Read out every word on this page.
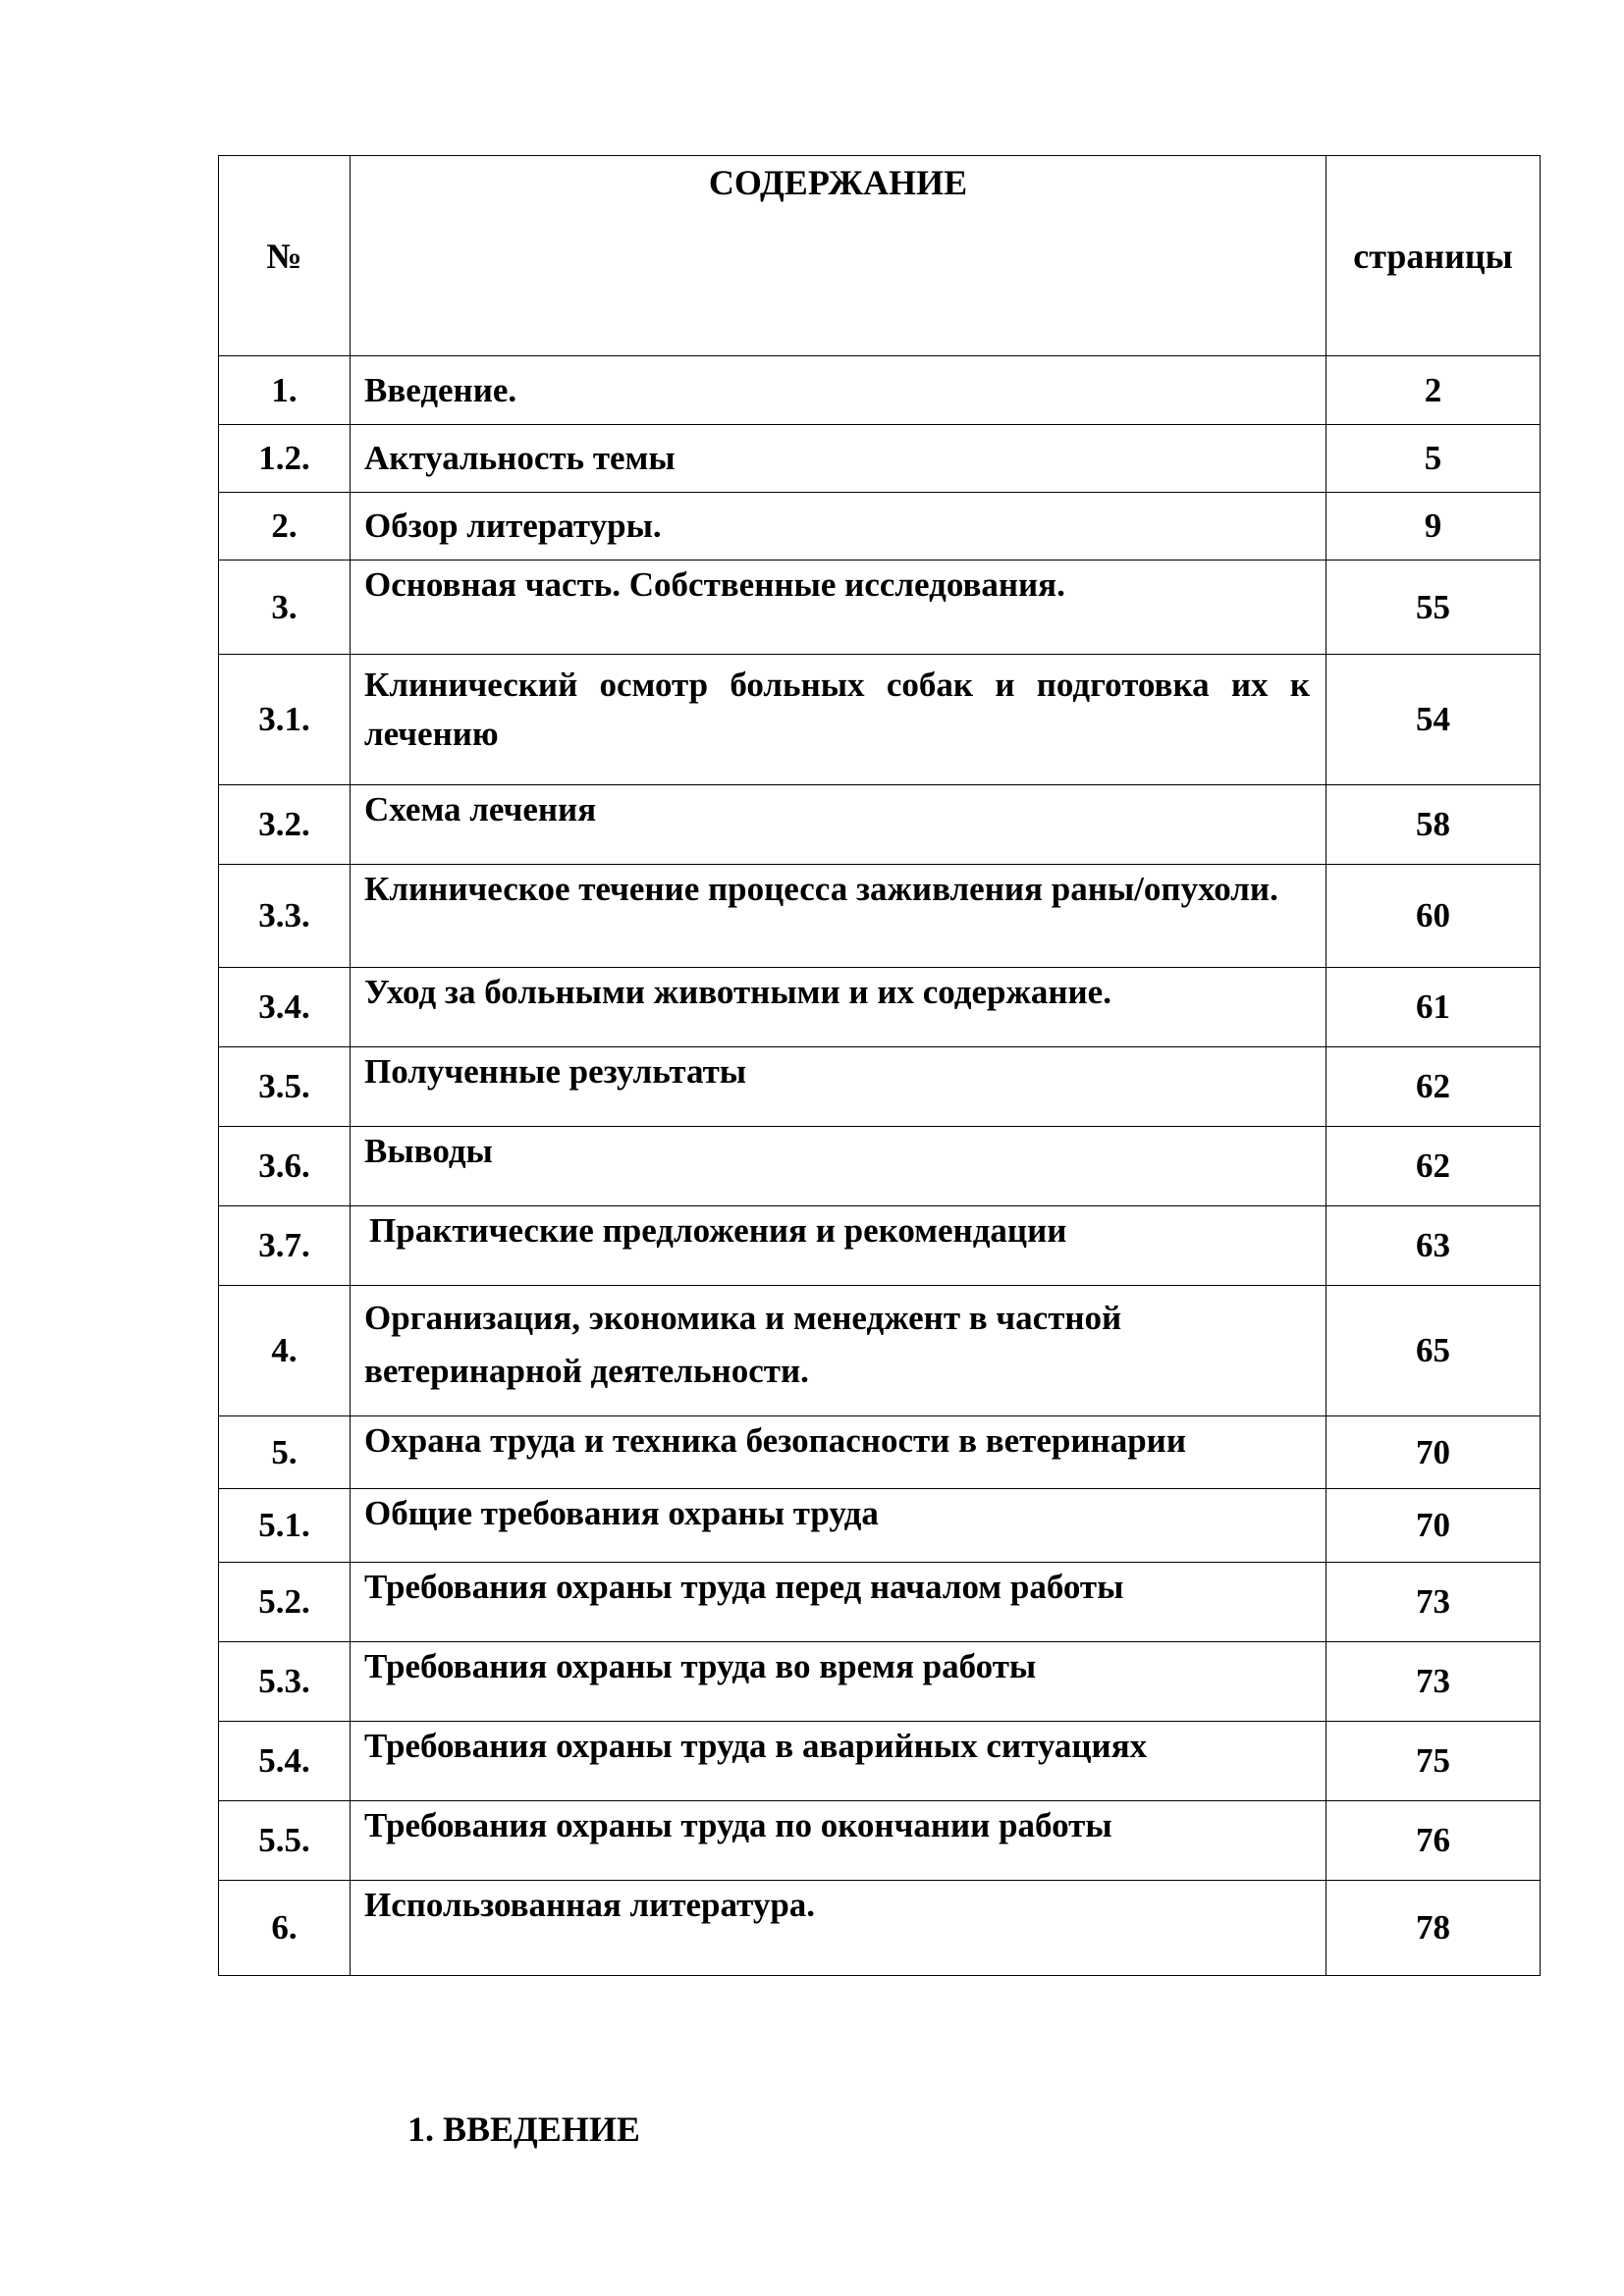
№	СОДЕРЖАНИЕ	страницы
1.	Введение.	2
1.2.	Актуальность темы	5
2.	Обзор литературы.	9
3.	Основная часть. Собственные исследования.	55
3.1.	Клинический осмотр больных собак и подготовка их к лечению	54
3.2.	Схема лечения	58
3.3.	Клиническое течение процесса заживления раны/опухоли.	60
3.4.	Уход за больными животными и их содержание.	61
3.5.	Полученные результаты	62
3.6.	Выводы	62
3.7.	Практические предложения и рекомендации	63
4.	Организация, экономика и менеджент в частной ветеринарной деятельности.	65
5.	Охрана труда и техника безопасности в ветеринарии	70
5.1.	Общие требования охраны труда	70
5.2.	Требования охраны труда перед началом работы	73
5.3.	Требования охраны труда во время работы	73
5.4.	Требования охраны труда в аварийных ситуациях	75
5.5.	Требования охраны труда по окончании работы	76
6.	Использованная литература.	78
1. ВВЕДЕНИЕ
